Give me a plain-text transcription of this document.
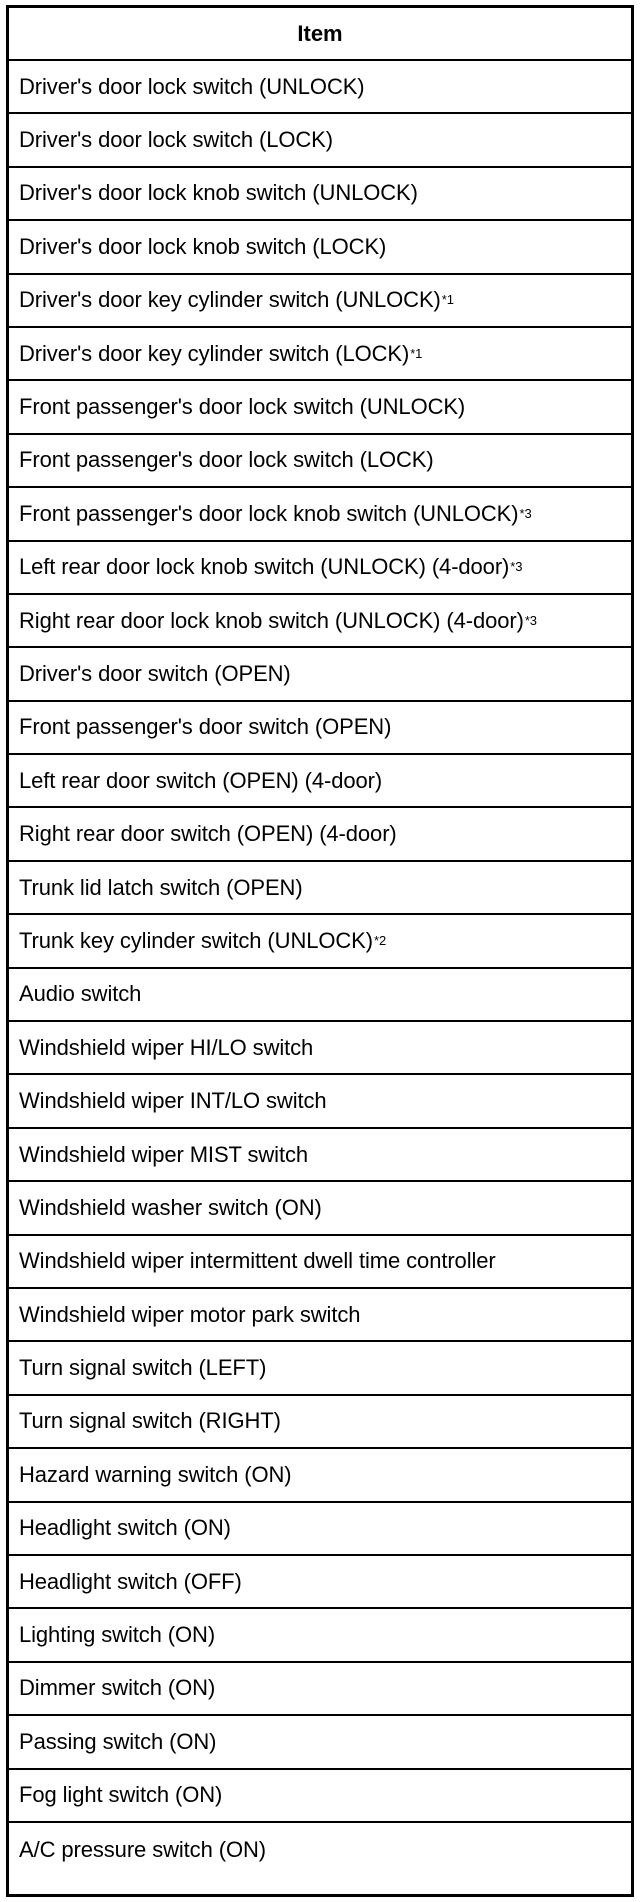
Item
Driver's door lock switch (UNLOCK)
Driver's door lock switch (LOCK)
Driver's door lock knob switch (UNLOCK)
Driver's door lock knob switch (LOCK)
Driver's door key cylinder switch (UNLOCK) *1
Driver's door key cylinder switch (LOCK) *1
Front passenger's door lock switch (UNLOCK)
Front passenger's door lock switch (LOCK)
Front passenger's door lock knob switch (UNLOCK) *3
Left rear door lock knob switch (UNLOCK) (4-door) *3
Right rear door lock knob switch (UNLOCK) (4-door) *3
Driver's door switch (OPEN)
Front passenger's door switch (OPEN)
Left rear door switch (OPEN) (4-door)
Right rear door switch (OPEN) (4-door)
Trunk lid latch switch (OPEN)
Trunk key cylinder switch (UNLOCK) *2
Audio switch
Windshield wiper HI/LO switch
Windshield wiper INT/LO switch
Windshield wiper MIST switch
Windshield washer switch (ON)
Windshield wiper intermittent dwell time controller
Windshield wiper motor park switch
Turn signal switch (LEFT)
Turn signal switch (RIGHT)
Hazard warning switch (ON)
Headlight switch (ON)
Headlight switch (OFF)
Lighting switch (ON)
Dimmer switch (ON)
Passing switch (ON)
Fog light switch (ON)
A/C pressure switch (ON)
